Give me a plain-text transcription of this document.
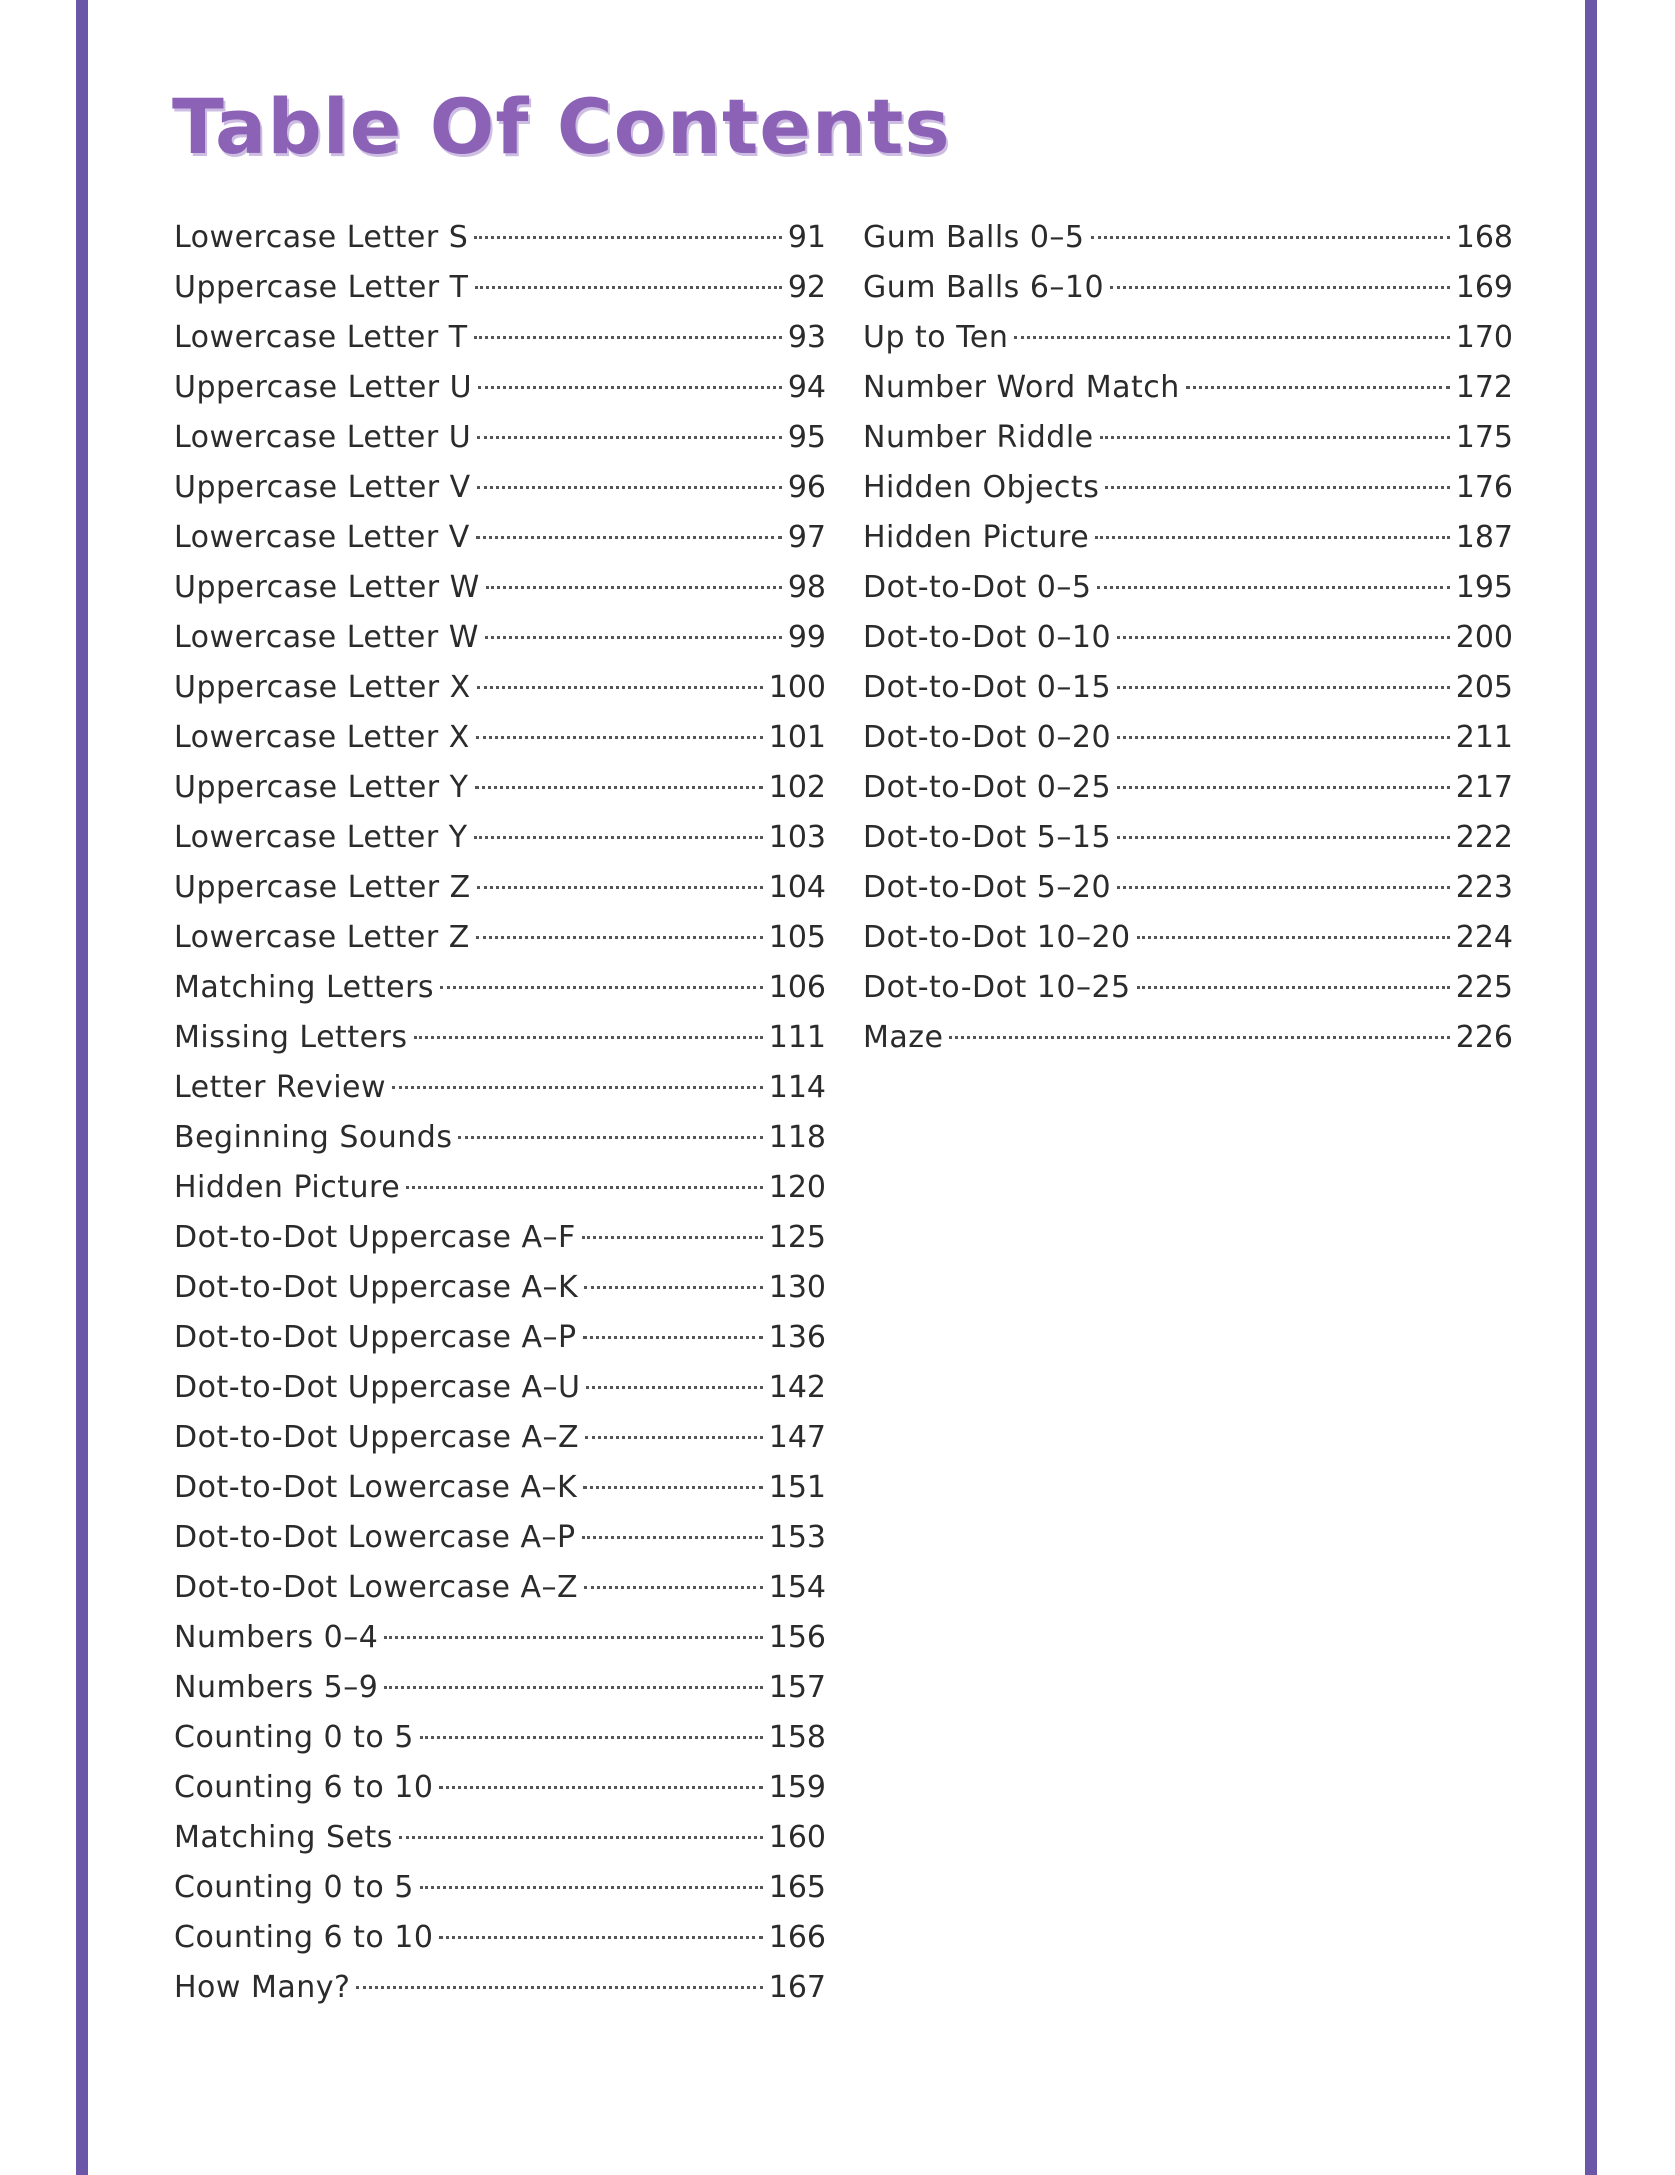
Table Of Contents
Lowercase Letter S	91
Uppercase Letter T	92
Lowercase Letter T	93
Uppercase Letter U	94
Lowercase Letter U	95
Uppercase Letter V	96
Lowercase Letter V	97
Uppercase Letter W	98
Lowercase Letter W	99
Uppercase Letter X	100
Lowercase Letter X	101
Uppercase Letter Y	102
Lowercase Letter Y	103
Uppercase Letter Z	104
Lowercase Letter Z	105
Matching Letters	106
Missing Letters	111
Letter Review	114
Beginning Sounds	118
Hidden Picture	120
Dot-to-Dot Uppercase A–F	125
Dot-to-Dot Uppercase A–K	130
Dot-to-Dot Uppercase A–P	136
Dot-to-Dot Uppercase A–U	142
Dot-to-Dot Uppercase A–Z	147
Dot-to-Dot Lowercase A–K	151
Dot-to-Dot Lowercase A–P	153
Dot-to-Dot Lowercase A–Z	154
Numbers 0–4	156
Numbers 5–9	157
Counting 0 to 5	158
Counting 6 to 10	159
Matching Sets	160
Counting 0 to 5	165
Counting 6 to 10	166
How Many?	167
Gum Balls 0–5	168
Gum Balls 6–10	169
Up to Ten	170
Number Word Match	172
Number Riddle	175
Hidden Objects	176
Hidden Picture	187
Dot-to-Dot 0–5	195
Dot-to-Dot 0–10	200
Dot-to-Dot 0–15	205
Dot-to-Dot 0–20	211
Dot-to-Dot 0–25	217
Dot-to-Dot 5–15	222
Dot-to-Dot 5–20	223
Dot-to-Dot 10–20	224
Dot-to-Dot 10–25	225
Maze	226
